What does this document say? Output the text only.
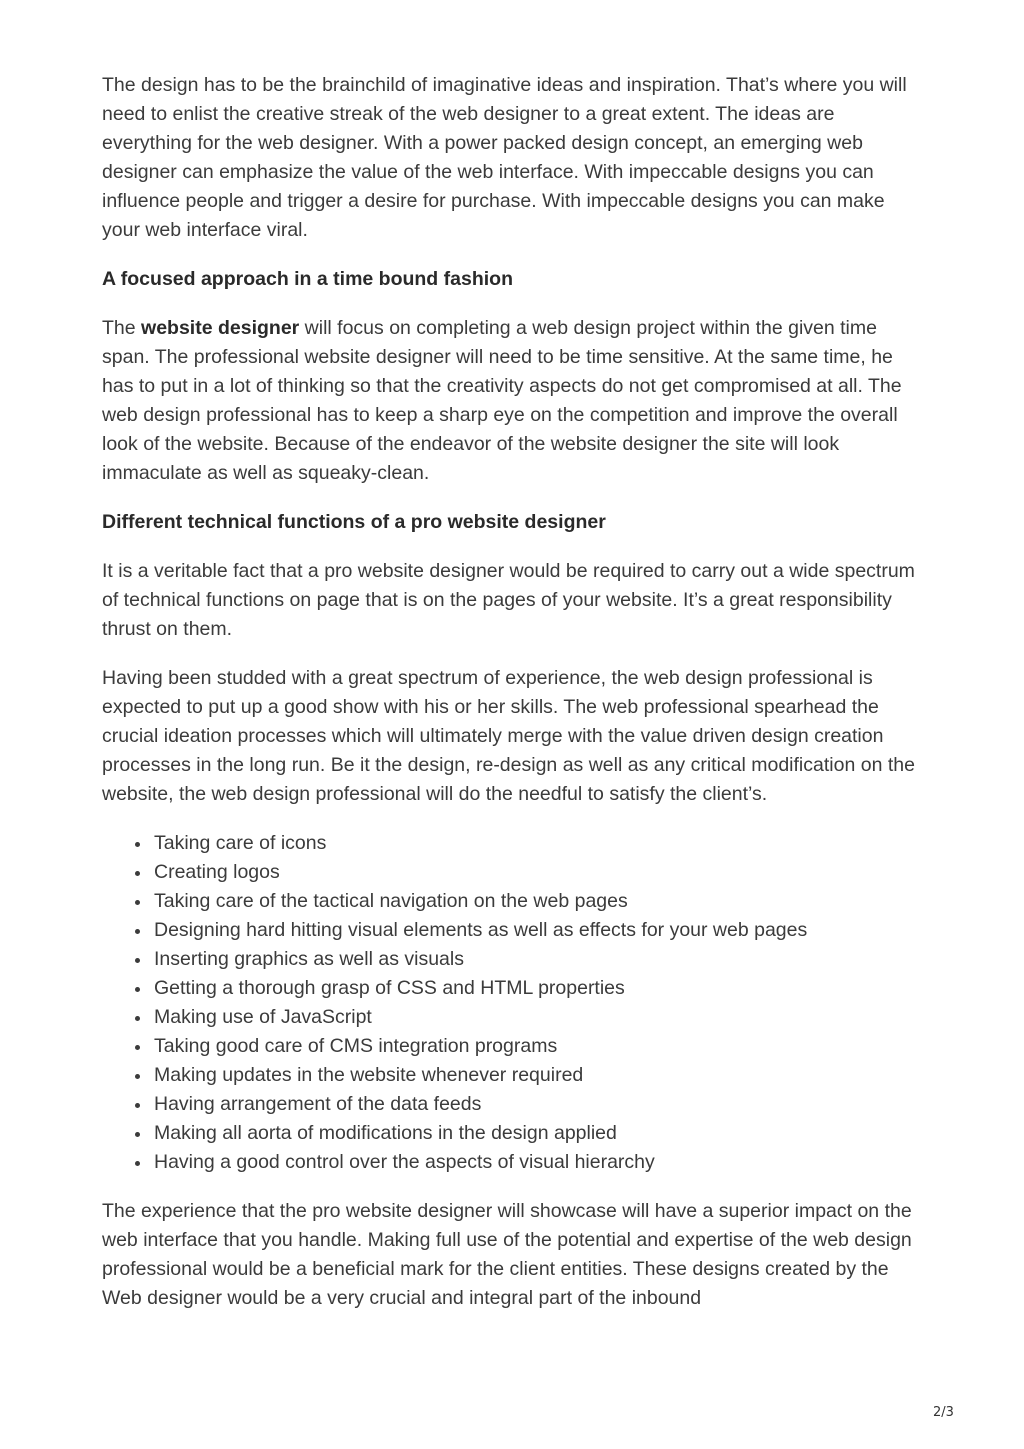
The design has to be the brainchild of imaginative ideas and inspiration. That’s where you will need to enlist the creative streak of the web designer to a great extent. The ideas are everything for the web designer. With a power packed design concept, an emerging web designer can emphasize the value of the web interface. With impeccable designs you can influence people and trigger a desire for purchase. With impeccable designs you can make your web interface viral.

A focused approach in a time bound fashion

The website designer will focus on completing a web design project within the given time span. The professional website designer will need to be time sensitive. At the same time, he has to put in a lot of thinking so that the creativity aspects do not get compromised at all. The web design professional has to keep a sharp eye on the competition and improve the overall look of the website. Because of the endeavor of the website designer the site will look immaculate as well as squeaky-clean.

Different technical functions of a pro website designer

It is a veritable fact that a pro website designer would be required to carry out a wide spectrum of technical functions on page that is on the pages of your website. It’s a great responsibility thrust on them.

Having been studded with a great spectrum of experience, the web design professional is expected to put up a good show with his or her skills. The web professional spearhead the crucial ideation processes which will ultimately merge with the value driven design creation processes in the long run. Be it the design, re-design as well as any critical modification on the website, the web design professional will do the needful to satisfy the client’s.

Taking care of icons
Creating logos
Taking care of the tactical navigation on the web pages
Designing hard hitting visual elements as well as effects for your web pages
Inserting graphics as well as visuals
Getting a thorough grasp of CSS and HTML properties
Making use of JavaScript
Taking good care of CMS integration programs
Making updates in the website whenever required
Having arrangement of the data feeds
Making all aorta of modifications in the design applied
Having a good control over the aspects of visual hierarchy

The experience that the pro website designer will showcase will have a superior impact on the web interface that you handle. Making full use of the potential and expertise of the web design professional would be a beneficial mark for the client entities. These designs created by the Web designer would be a very crucial and integral part of the inbound

2/3
